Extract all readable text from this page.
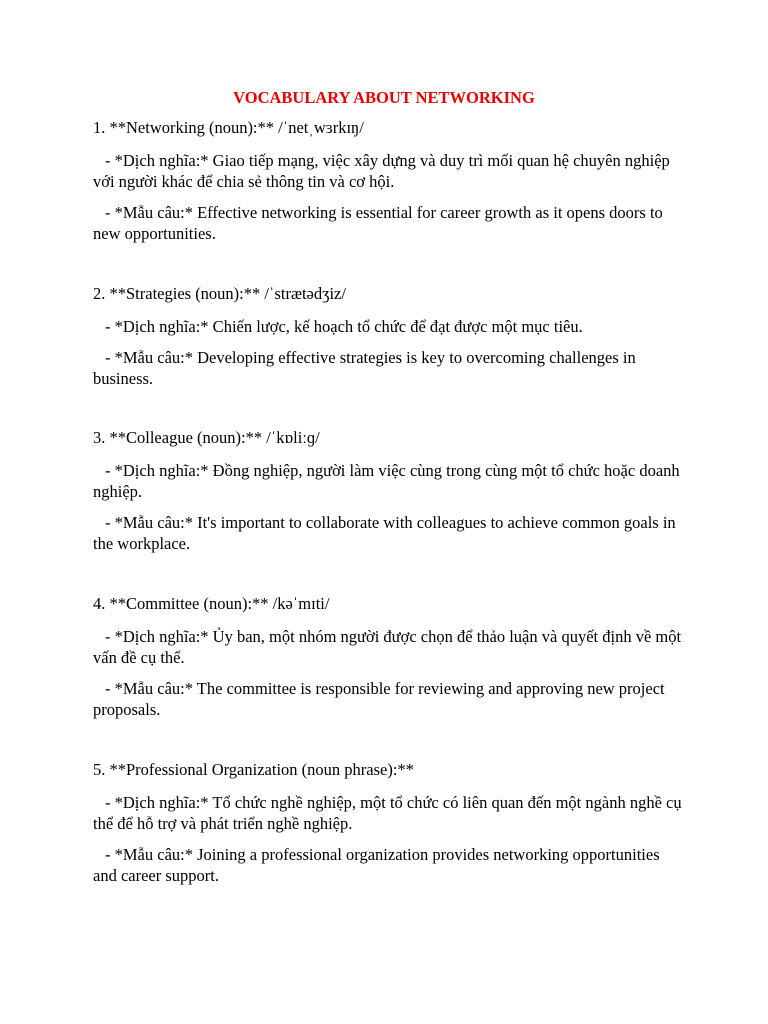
VOCABULARY ABOUT NETWORKING

1. **Networking (noun):** /ˈnetˌwɜrkɪŋ/

- *Dịch nghĩa:* Giao tiếp mạng, việc xây dựng và duy trì mối quan hệ chuyên nghiệp với người khác để chia sẻ thông tin và cơ hội.

- *Mẫu câu:* Effective networking is essential for career growth as it opens doors to new opportunities.

2. **Strategies (noun):** /ˈstrætədʒiz/

- *Dịch nghĩa:* Chiến lược, kế hoạch tổ chức để đạt được một mục tiêu.

- *Mẫu câu:* Developing effective strategies is key to overcoming challenges in business.

3. **Colleague (noun):** /ˈkɒliːɡ/

- *Dịch nghĩa:* Đồng nghiệp, người làm việc cùng trong cùng một tổ chức hoặc doanh nghiệp.

- *Mẫu câu:* It's important to collaborate with colleagues to achieve common goals in the workplace.

4. **Committee (noun):** /kəˈmɪti/

- *Dịch nghĩa:* Ủy ban, một nhóm người được chọn để thảo luận và quyết định về một vấn đề cụ thể.

- *Mẫu câu:* The committee is responsible for reviewing and approving new project proposals.

5. **Professional Organization (noun phrase):**

- *Dịch nghĩa:* Tổ chức nghề nghiệp, một tổ chức có liên quan đến một ngành nghề cụ thể để hỗ trợ và phát triển nghề nghiệp.

- *Mẫu câu:* Joining a professional organization provides networking opportunities and career support.
